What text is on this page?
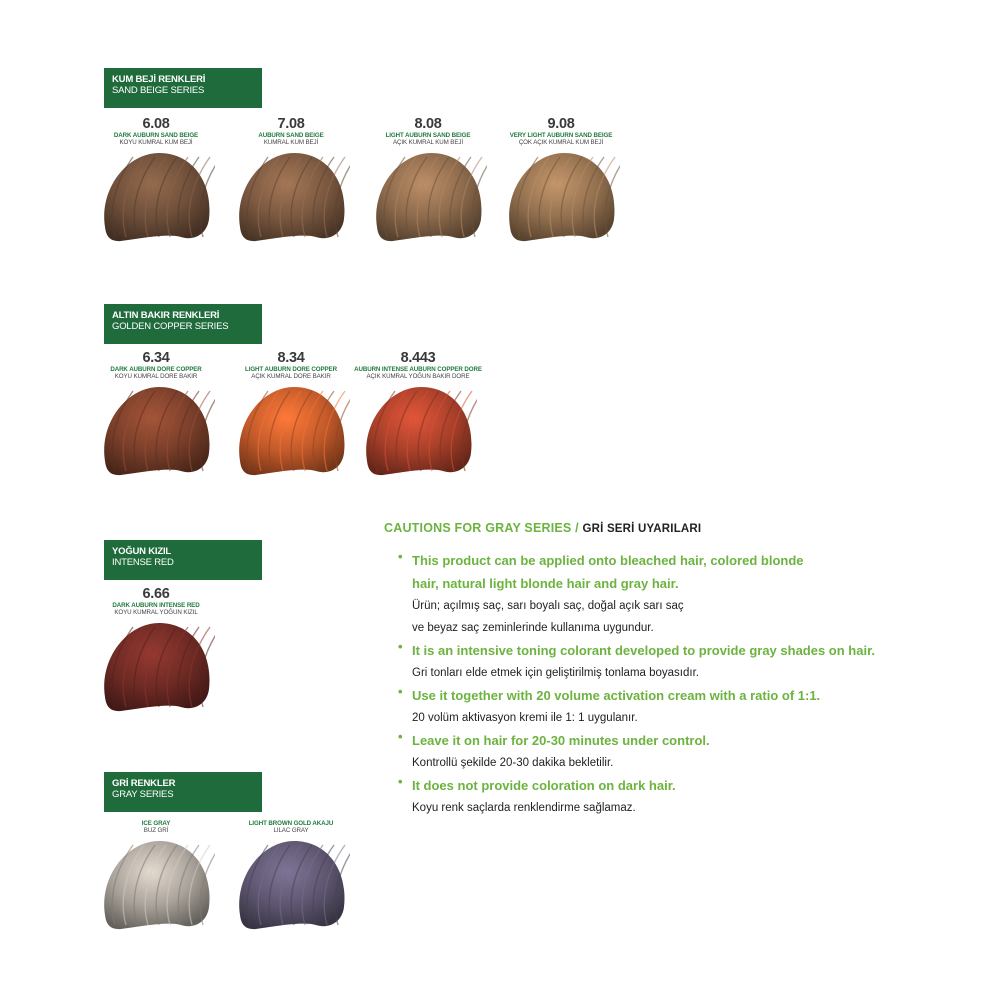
KUM BEJİ RENKLERİ
SAND BEIGE SERIES
6.08
DARK AUBURN SAND BEIGE
KOYU KUMRAL KUM BEJİ
7.08
AUBURN SAND BEIGE
KUMRAL KUM BEJİ
8.08
LIGHT AUBURN SAND BEIGE
AÇIK KUMRAL KUM BEJİ
9.08
VERY LIGHT AUBURN SAND BEIGE
ÇOK AÇIK KUMRAL KUM BEJİ
ALTIN BAKIR RENKLERİ
GOLDEN COPPER SERIES
6.34
DARK AUBURN DORE COPPER
KOYU KUMRAL DORE BAKIR
8.34
LIGHT AUBURN DORE COPPER
AÇIK KUMRAL DORE BAKIR
8.443
AUBURN INTENSE AUBURN COPPER DORE
AÇIK KUMRAL YOĞUN BAKIR DORE
YOĞUN KIZIL
INTENSE RED
6.66
DARK AUBURN INTENSE RED
KOYU KUMRAL YOĞUN KIZIL
GRİ RENKLER
GRAY SERIES
ICE GRAY
BUZ GRİ
LIGHT BROWN GOLD AKAJU
LILAC GRAY
CAUTIONS FOR GRAY SERIES / GRİ SERİ UYARILARI
• This product can be applied onto bleached hair, colored blonde
hair, natural light blonde hair and gray hair.
Ürün; açılmış saç, sarı boyalı saç, doğal açık sarı saç
ve beyaz saç zeminlerinde kullanıma uygundur.
• It is an intensive toning colorant developed to provide gray shades on hair.
Gri tonları elde etmek için geliştirilmiş tonlama boyasıdır.
• Use it together with 20 volume activation cream with a ratio of 1:1.
20 volüm aktivasyon kremi ile 1: 1 uygulanır.
• Leave it on hair for 20-30 minutes under control.
Kontrollü şekilde 20-30 dakika bekletilir.
• It does not provide coloration on dark hair.
Koyu renk saçlarda renklendirme sağlamaz.
